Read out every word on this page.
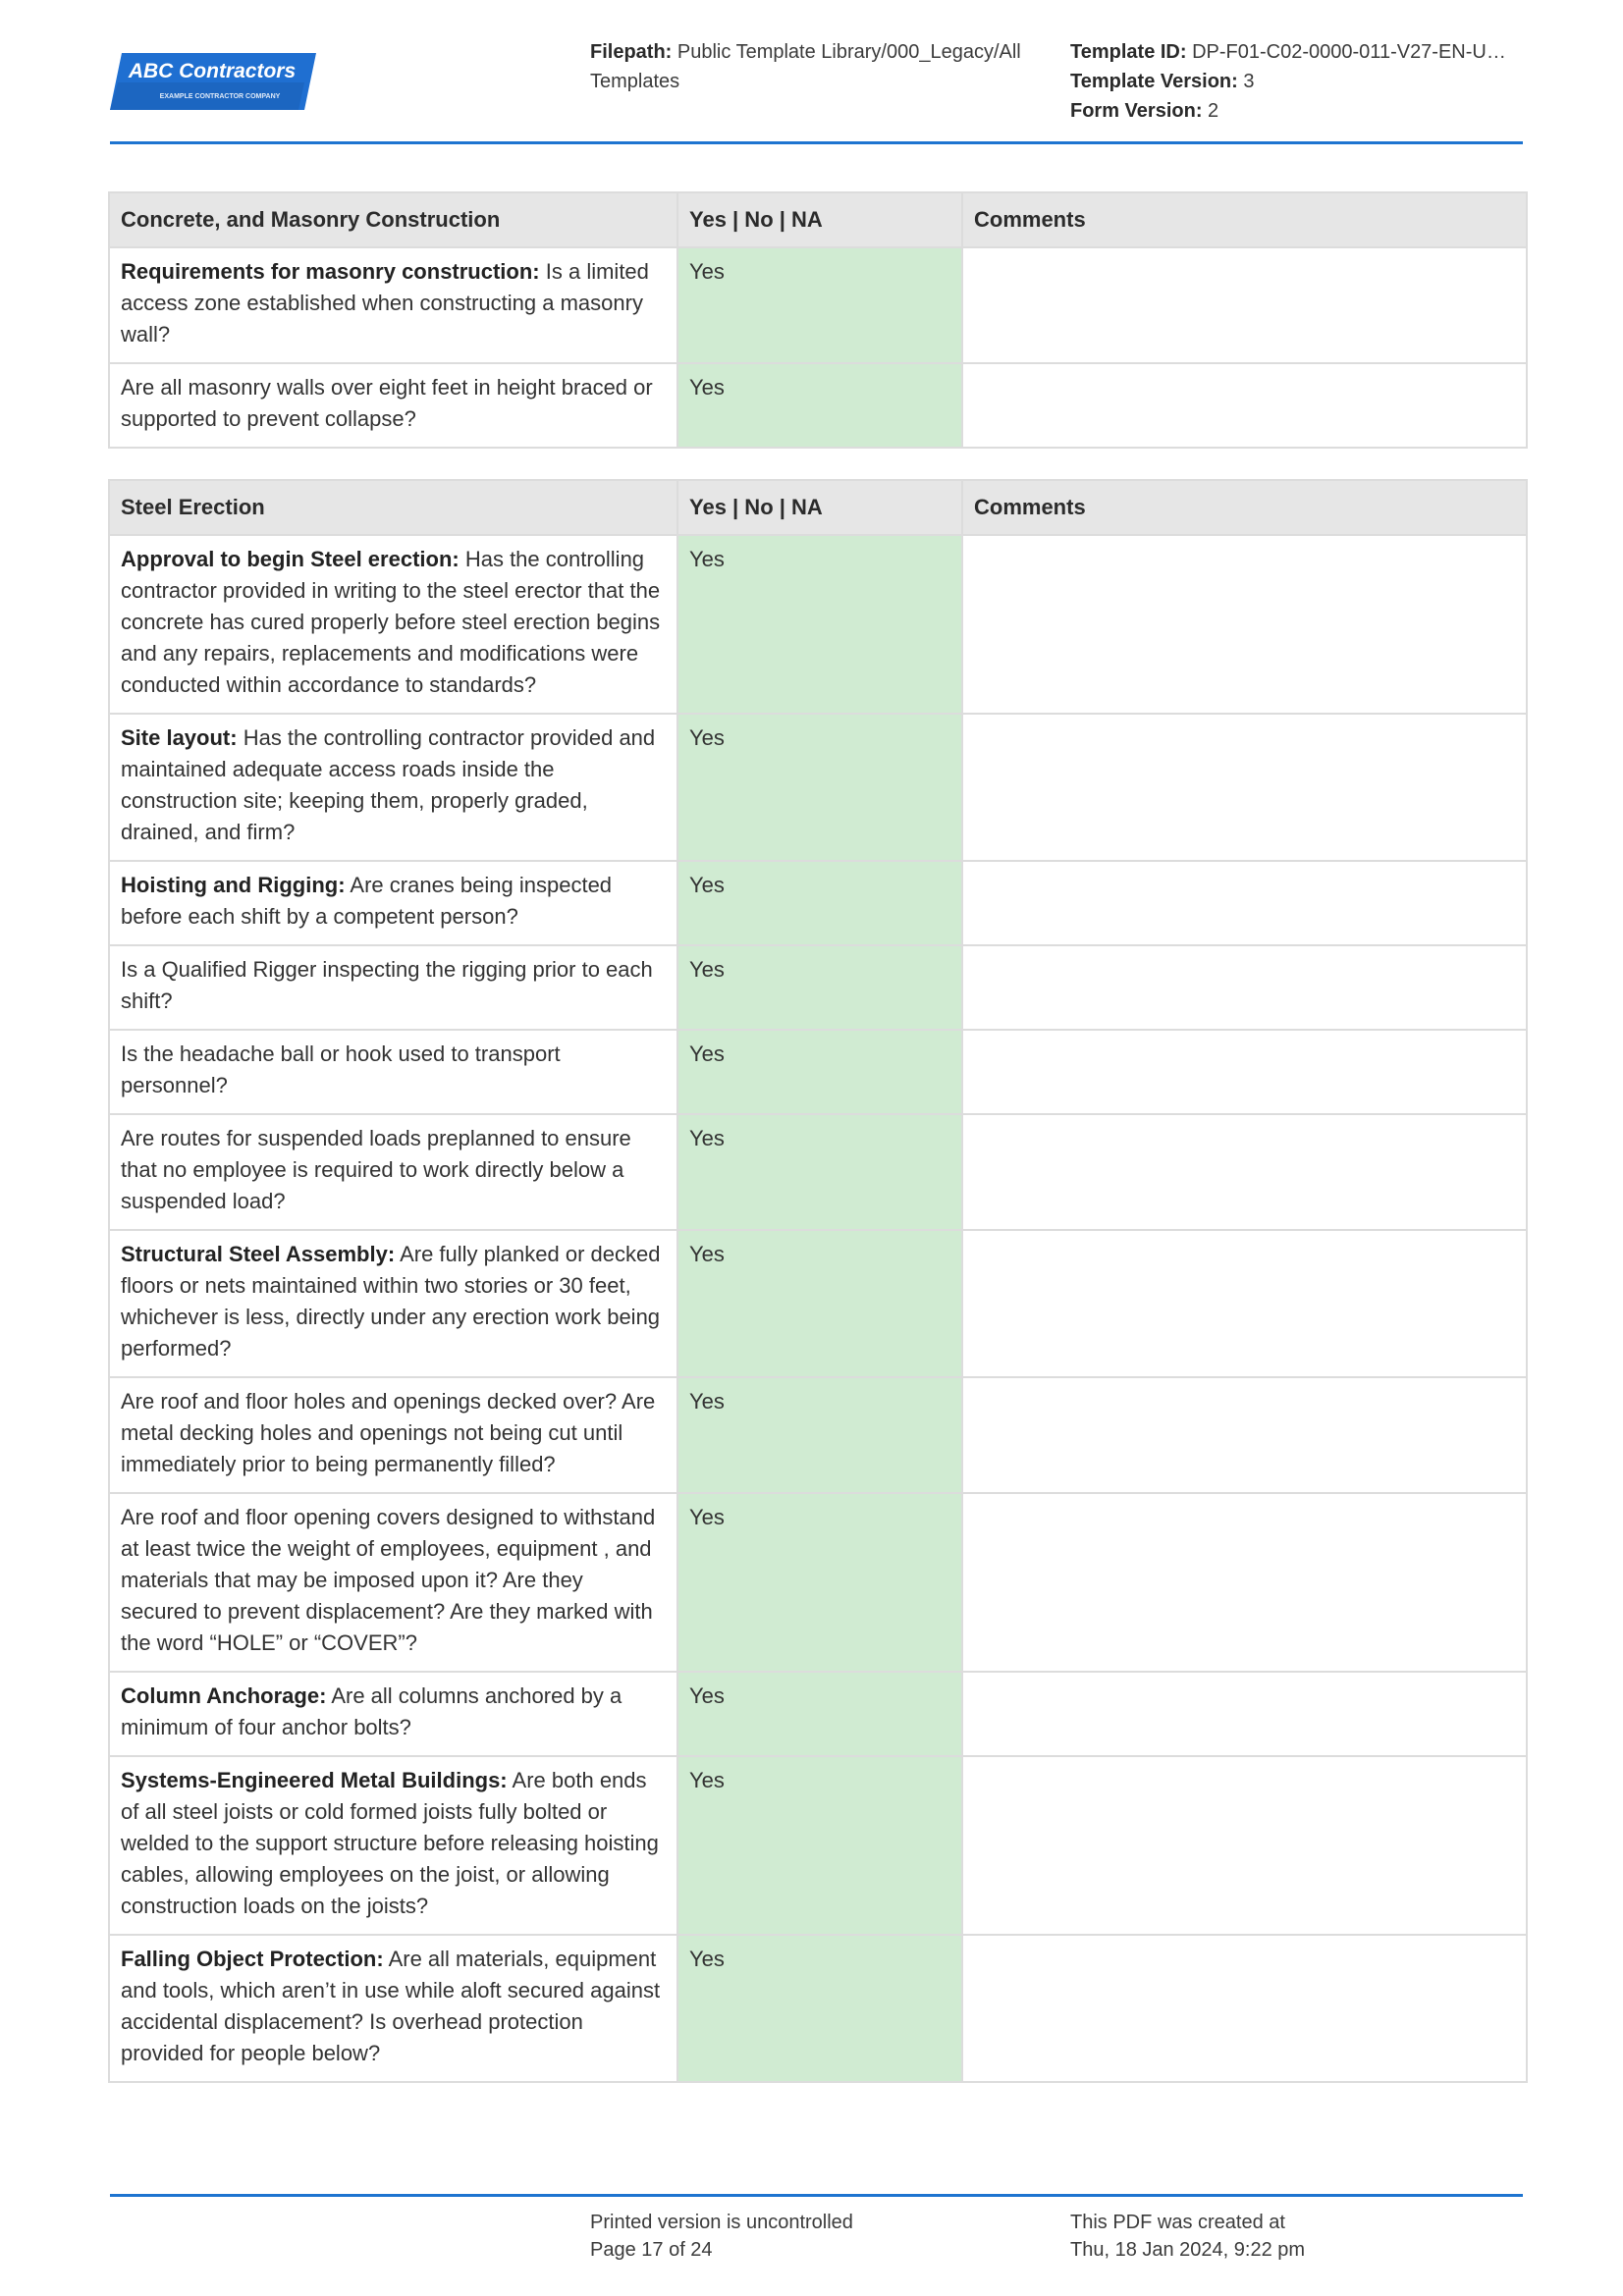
ABC Contractors
EXAMPLE CONTRACTOR COMPANY
Filepath: Public Template Library/000_Legacy/All Templates
Template ID: DP-F01-C02-0000-011-V27-EN-U…
Template Version: 3
Form Version: 2
Concrete, and Masonry Construction	Yes | No | NA	Comments
Requirements for masonry construction: Is a limited access zone established when constructing a masonry wall?	Yes	
Are all masonry walls over eight feet in height braced or supported to prevent collapse?	Yes	
Steel Erection	Yes | No | NA	Comments
Approval to begin Steel erection: Has the controlling contractor provided in writing to the steel erector that the concrete has cured properly before steel erection begins and any repairs, replacements and modifications were conducted within accordance to standards?	Yes	
Site layout: Has the controlling contractor provided and maintained adequate access roads inside the construction site; keeping them, properly graded, drained, and firm?	Yes	
Hoisting and Rigging: Are cranes being inspected before each shift by a competent person?	Yes	
Is a Qualified Rigger inspecting the rigging prior to each shift?	Yes	
Is the headache ball or hook used to transport personnel?	Yes	
Are routes for suspended loads preplanned to ensure that no employee is required to work directly below a suspended load?	Yes	
Structural Steel Assembly: Are fully planked or decked floors or nets maintained within two stories or 30 feet, whichever is less, directly under any erection work being performed?	Yes	
Are roof and floor holes and openings decked over? Are metal decking holes and openings not being cut until immediately prior to being permanently filled?	Yes	
Are roof and floor opening covers designed to withstand at least twice the weight of employees, equipment , and materials that may be imposed upon it? Are they secured to prevent displacement? Are they marked with the word “HOLE” or “COVER”?	Yes	
Column Anchorage: Are all columns anchored by a minimum of four anchor bolts?	Yes	
Systems-Engineered Metal Buildings: Are both ends of all steel joists or cold formed joists fully bolted or welded to the support structure before releasing hoisting cables, allowing employees on the joist, or allowing construction loads on the joists?	Yes	
Falling Object Protection: Are all materials, equipment and tools, which aren’t in use while aloft secured against accidental displacement? Is overhead protection provided for people below?	Yes	
Printed version is uncontrolled
Page 17 of 24
This PDF was created at
Thu, 18 Jan 2024, 9:22 pm
